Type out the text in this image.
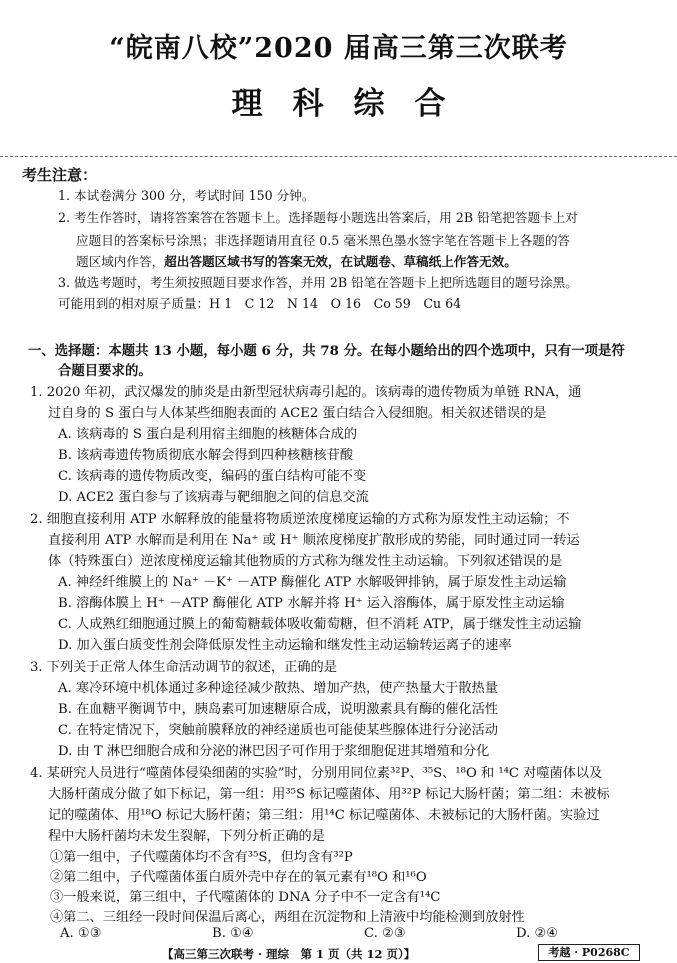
“皖南八校”2020 届高三第三次联考
理科综合
考生注意：
1. 本试卷满分 300 分，考试时间 150 分钟。
2. 考生作答时，请将答案答在答题卡上。选择题每小题选出答案后，用 2B 铅笔把答题卡上对
应题目的答案标号涂黑；非选择题请用直径 0.5 毫米黑色墨水签字笔在答题卡上各题的答
题区域内作答，超出答题区域书写的答案无效，在试题卷、草稿纸上作答无效。
3. 做选考题时，考生须按照题目要求作答，并用 2B 铅笔在答题卡上把所选题目的题号涂黑。
可能用到的相对原子质量：H 1　C 12　N 14　O 16　Co 59　Cu 64
一、选择题：本题共 13 小题，每小题 6 分，共 78 分。在每小题给出的四个选项中，只有一项是符
合题目要求的。
1. 2020 年初，武汉爆发的肺炎是由新型冠状病毒引起的。该病毒的遗传物质为单链 RNA，通
过自身的 S 蛋白与人体某些细胞表面的 ACE2 蛋白结合入侵细胞。相关叙述错误的是
A. 该病毒的 S 蛋白是利用宿主细胞的核糖体合成的
B. 该病毒遗传物质彻底水解会得到四种核糖核苷酸
C. 该病毒的遗传物质改变，编码的蛋白结构可能不变
D. ACE2 蛋白参与了该病毒与靶细胞之间的信息交流
2. 细胞直接利用 ATP 水解释放的能量将物质逆浓度梯度运输的方式称为原发性主动运输；不
直接利用 ATP 水解而是利用在 Na⁺ 或 H⁺ 顺浓度梯度扩散形成的势能，同时通过同一转运
体（特殊蛋白）逆浓度梯度运输其他物质的方式称为继发性主动运输。下列叙述错误的是
A. 神经纤维膜上的 Na⁺ －K⁺ －ATP 酶催化 ATP 水解吸钾排钠，属于原发性主动运输
B. 溶酶体膜上 H⁺ －ATP 酶催化 ATP 水解并将 H⁺ 运入溶酶体，属于原发性主动运输
C. 人成熟红细胞通过膜上的葡萄糖载体吸收葡萄糖，但不消耗 ATP，属于继发性主动运输
D. 加入蛋白质变性剂会降低原发性主动运输和继发性主动运输转运离子的速率
3. 下列关于正常人体生命活动调节的叙述，正确的是
A. 寒冷环境中机体通过多种途径减少散热、增加产热，使产热量大于散热量
B. 在血糖平衡调节中，胰岛素可加速糖原合成，说明激素具有酶的催化活性
C. 在特定情况下，突触前膜释放的神经递质也可能使某些腺体进行分泌活动
D. 由 T 淋巴细胞合成和分泌的淋巴因子可作用于浆细胞促进其增殖和分化
4. 某研究人员进行“噬菌体侵染细菌的实验”时，分别用同位素³²P、³⁵S、¹⁸O 和 ¹⁴C 对噬菌体以及
大肠杆菌成分做了如下标记，第一组：用³⁵S 标记噬菌体、用³²P 标记大肠杆菌；第二组：未被标
记的噬菌体、用¹⁸O 标记大肠杆菌；第三组：用¹⁴C 标记噬菌体、未被标记的大肠杆菌。实验过
程中大肠杆菌均未发生裂解，下列分析正确的是
①第一组中，子代噬菌体均不含有³⁵S，但均含有³²P
②第二组中，子代噬菌体蛋白质外壳中存在的氧元素有¹⁸O 和¹⁶O
③一般来说，第三组中，子代噬菌体的 DNA 分子中不一定含有¹⁴C
④第二、三组经一段时间保温后离心，两组在沉淀物和上清液中均能检测到放射性
【高三第三次联考 · 理综　第 1 页（共 12 页）】	考越 · P0268C
A. ①③	B. ①④	C. ②③	D. ②④
